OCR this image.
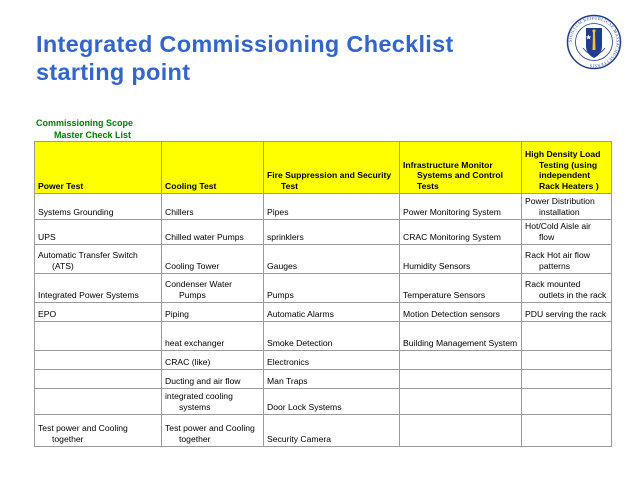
Integrated Commissioning Checklist
starting point
SIGILLUM REIPUBLICAE MASSACHUSETTENSIS
Commissioning Scope
Master Check List
Power Test	Cooling Test	Fire Suppression and Security Test	Infrastructure Monitor Systems and Control Tests	High Density Load Testing (using independent Rack Heaters )

Systems Grounding	Chillers	Pipes	Power Monitoring System	Power Distribution installation

UPS	Chilled water Pumps	sprinklers	CRAC Monitoring System	Hot/Cold Aisle air flow

Automatic Transfer Switch (ATS)	Cooling Tower	Gauges	Humidity Sensors	Rack Hot air flow patterns

Integrated Power Systems	Condenser Water Pumps	Pumps	Temperature Sensors	Rack mounted outlets in the rack

EPO	Piping	Automatic Alarms	Motion Detection sensors	PDU serving the rack

	heat exchanger	Smoke Detection	Building Management System	

	CRAC (like)	Electronics		

	Ducting and air flow	Man Traps		

	integrated cooling systems	Door Lock Systems		

Test power and Cooling together	Test power and Cooling together	Security Camera		
